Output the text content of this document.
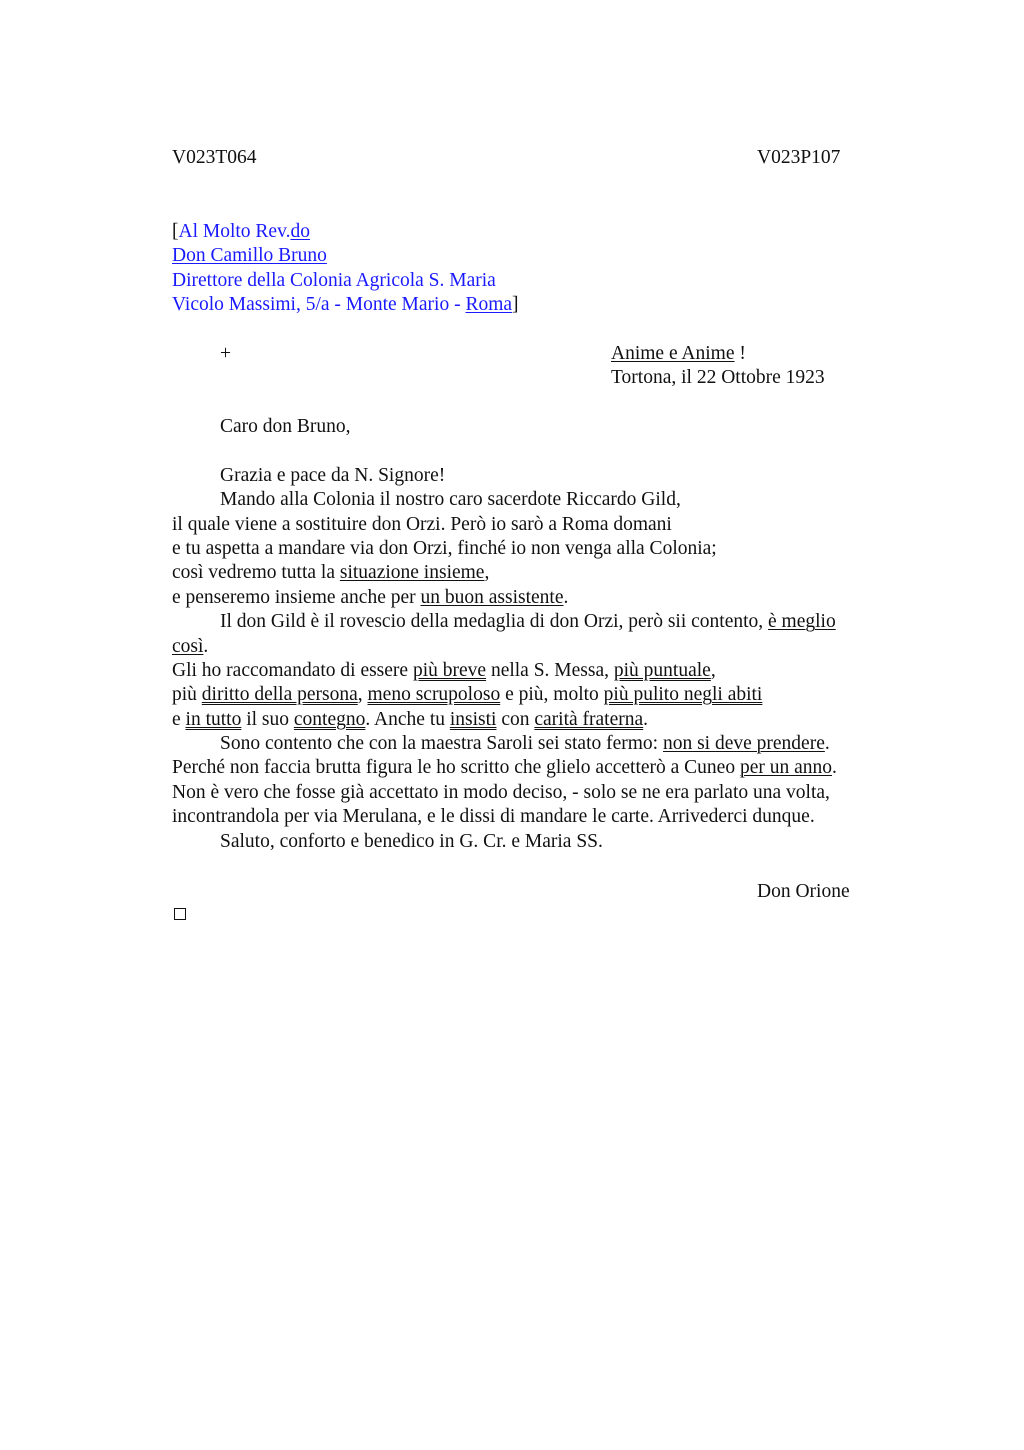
V023T064	V023P107
[Al Molto Rev.do
Don Camillo Bruno
Direttore della Colonia Agricola S. Maria
Vicolo Massimi, 5/a - Monte Mario - Roma]
+	Anime e Anime !
Tortona, il 22 Ottobre 1923
Caro don Bruno,
Grazia e pace da N. Signore!
Mando alla Colonia il nostro caro sacerdote Riccardo Gild,
il quale viene a sostituire don Orzi. Però io sarò a Roma domani
e tu aspetta a mandare via don Orzi, finché io non venga alla Colonia;
così vedremo tutta la situazione insieme,
e penseremo insieme anche per un buon assistente.
Il don Gild è il rovescio della medaglia di don Orzi, però sii contento, è meglio
così.
Gli ho raccomandato di essere più breve nella S. Messa, più puntuale,
più diritto della persona, meno scrupoloso e più, molto più pulito negli abiti
e in tutto il suo contegno. Anche tu insisti con carità fraterna.
Sono contento che con la maestra Saroli sei stato fermo: non si deve prendere.
Perché non faccia brutta figura le ho scritto che glielo accetterò a Cuneo per un anno.
Non è vero che fosse già accettato in modo deciso, - solo se ne era parlato una volta,
incontrandola per via Merulana, e le dissi di mandare le carte. Arrivederci dunque.
Saluto, conforto e benedico in G. Cr. e Maria SS.
Don Orione
